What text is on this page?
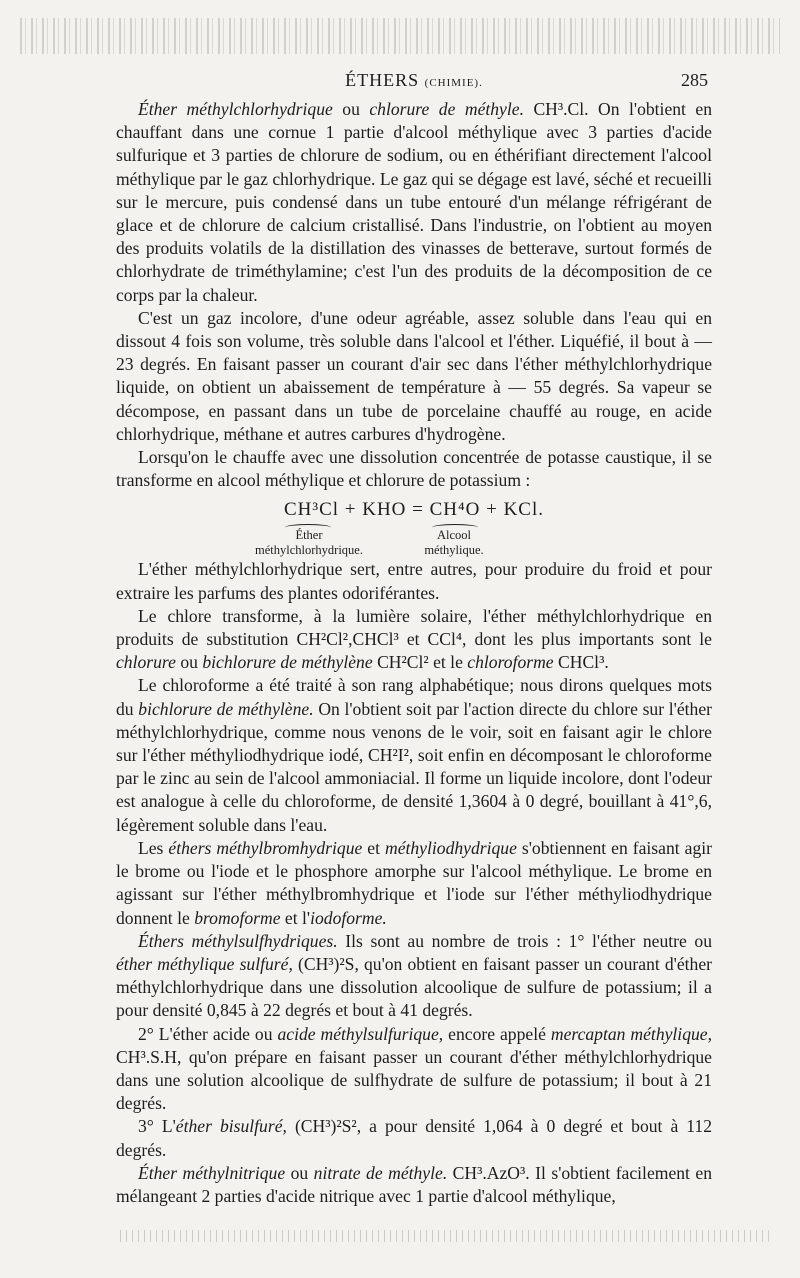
ÉTHERS (CHIMIE).	285

Éther méthylchlorhydrique ou chlorure de méthyle. CH³.Cl. On l'obtient en chauffant dans une cornue 1 partie d'alcool méthylique avec 3 parties d'acide sulfurique et 3 parties de chlorure de sodium, ou en éthérifiant directement l'alcool méthylique par le gaz chlorhydrique. Le gaz qui se dégage est lavé, séché et recueilli sur le mercure, puis condensé dans un tube entouré d'un mélange réfrigérant de glace et de chlorure de calcium cristallisé. Dans l'industrie, on l'obtient au moyen des produits volatils de la distillation des vinasses de betterave, surtout formés de chlorhydrate de triméthylamine; c'est l'un des produits de la décomposition de ce corps par la chaleur.

C'est un gaz incolore, d'une odeur agréable, assez soluble dans l'eau qui en dissout 4 fois son volume, très soluble dans l'alcool et l'éther. Liquéfié, il bout à — 23 degrés. En faisant passer un courant d'air sec dans l'éther méthylchlorhydrique liquide, on obtient un abaissement de température à — 55 degrés. Sa vapeur se décompose, en passant dans un tube de porcelaine chauffé au rouge, en acide chlorhydrique, méthane et autres carbures d'hydrogène.

Lorsqu'on le chauffe avec une dissolution concentrée de potasse caustique, il se transforme en alcool méthylique et chlorure de potassium :

CH³Cl + KHO = CH⁴O + KCl.
Éther
méthylchlorhydrique.
Alcool
méthylique.

L'éther méthylchlorhydrique sert, entre autres, pour produire du froid et pour extraire les parfums des plantes odoriférantes.

Le chlore transforme, à la lumière solaire, l'éther méthylchlorhydrique en produits de substitution CH²Cl²,CHCl³ et CCl⁴, dont les plus importants sont le chlorure ou bichlorure de méthylène CH²Cl² et le chloroforme CHCl³.

Le chloroforme a été traité à son rang alphabétique; nous dirons quelques mots du bichlorure de méthylène. On l'obtient soit par l'action directe du chlore sur l'éther méthylchlorhydrique, comme nous venons de le voir, soit en faisant agir le chlore sur l'éther méthyliodhydrique iodé, CH²I², soit enfin en décomposant le chloroforme par le zinc au sein de l'alcool ammoniacial. Il forme un liquide incolore, dont l'odeur est analogue à celle du chloroforme, de densité 1,3604 à 0 degré, bouillant à 41°,6, légèrement soluble dans l'eau.

Les éthers méthylbromhydrique et méthyliodhydrique s'obtiennent en faisant agir le brome ou l'iode et le phosphore amorphe sur l'alcool méthylique. Le brome en agissant sur l'éther méthylbromhydrique et l'iode sur l'éther méthyliodhydrique donnent le bromoforme et l'iodoforme.

Éthers méthylsulfhydriques. Ils sont au nombre de trois : 1° l'éther neutre ou éther méthylique sulfuré, (CH³)²S, qu'on obtient en faisant passer un courant d'éther méthylchlorhydrique dans une dissolution alcoolique de sulfure de potassium; il a pour densité 0,845 à 22 degrés et bout à 41 degrés.

2° L'éther acide ou acide méthylsulfurique, encore appelé mercaptan méthylique, CH³.S.H, qu'on prépare en faisant passer un courant d'éther méthylchlorhydrique dans une solution alcoolique de sulfhydrate de sulfure de potassium; il bout à 21 degrés.

3° L'éther bisulfuré, (CH³)²S², a pour densité 1,064 à 0 degré et bout à 112 degrés.

Éther méthylnitrique ou nitrate de méthyle. CH³.AzO³. Il s'obtient facilement en mélangeant 2 parties d'acide nitrique avec 1 partie d'alcool méthylique,
